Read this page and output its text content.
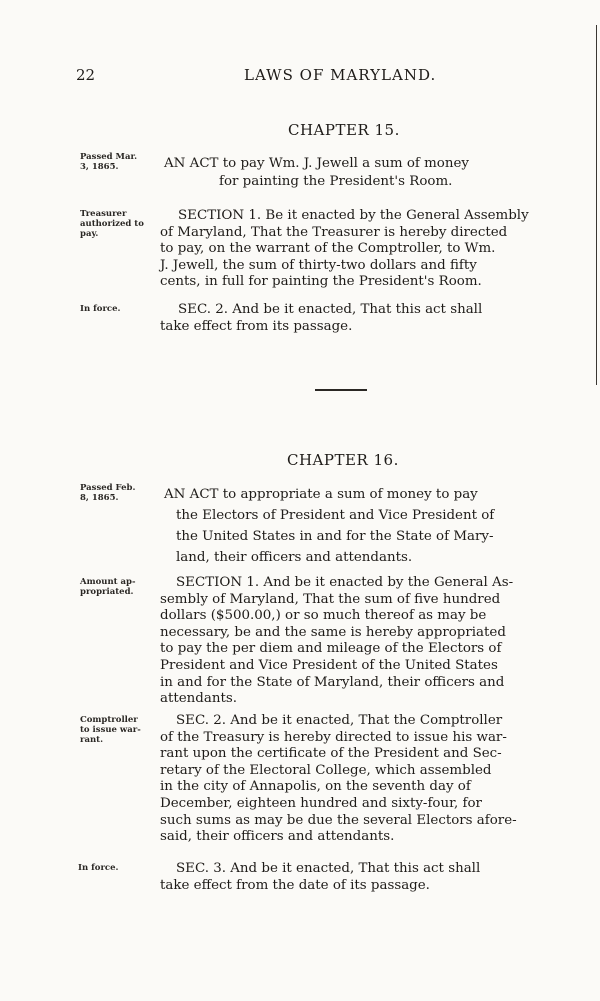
22	LAWS OF MARYLAND.
CHAPTER 15.
Passed Mar.
3, 1865.	AN ACT to pay Wm. J. Jewell a sum of money
for painting the President's Room.
Treasurer
authorized to
pay.
SECTION 1. Be it enacted by the General Assembly
of Maryland, That the Treasurer is hereby directed
to pay, on the warrant of the Comptroller, to Wm.
J. Jewell, the sum of thirty-two dollars and fifty
cents, in full for painting the President's Room.
In force.	SEC. 2. And be it enacted, That this act shall
take effect from its passage.
CHAPTER 16.
Passed Feb.
8, 1865.	AN ACT to appropriate a sum of money to pay
the Electors of President and Vice President of
the United States in and for the State of Mary-
land, their officers and attendants.
Amount ap-
propriated.
SECTION 1. And be it enacted by the General As-
sembly of Maryland, That the sum of five hundred
dollars ($500.00,) or so much thereof as may be
necessary, be and the same is hereby appropriated
to pay the per diem and mileage of the Electors of
President and Vice President of the United States
in and for the State of Maryland, their officers and
attendants.
Comptroller
to issue war-
rant.
SEC. 2. And be it enacted, That the Comptroller
of the Treasury is hereby directed to issue his war-
rant upon the certificate of the President and Sec-
retary of the Electoral College, which assembled
in the city of Annapolis, on the seventh day of
December, eighteen hundred and sixty-four, for
such sums as may be due the several Electors afore-
said, their officers and attendants.
In force.	SEC. 3. And be it enacted, That this act shall
take effect from the date of its passage.
